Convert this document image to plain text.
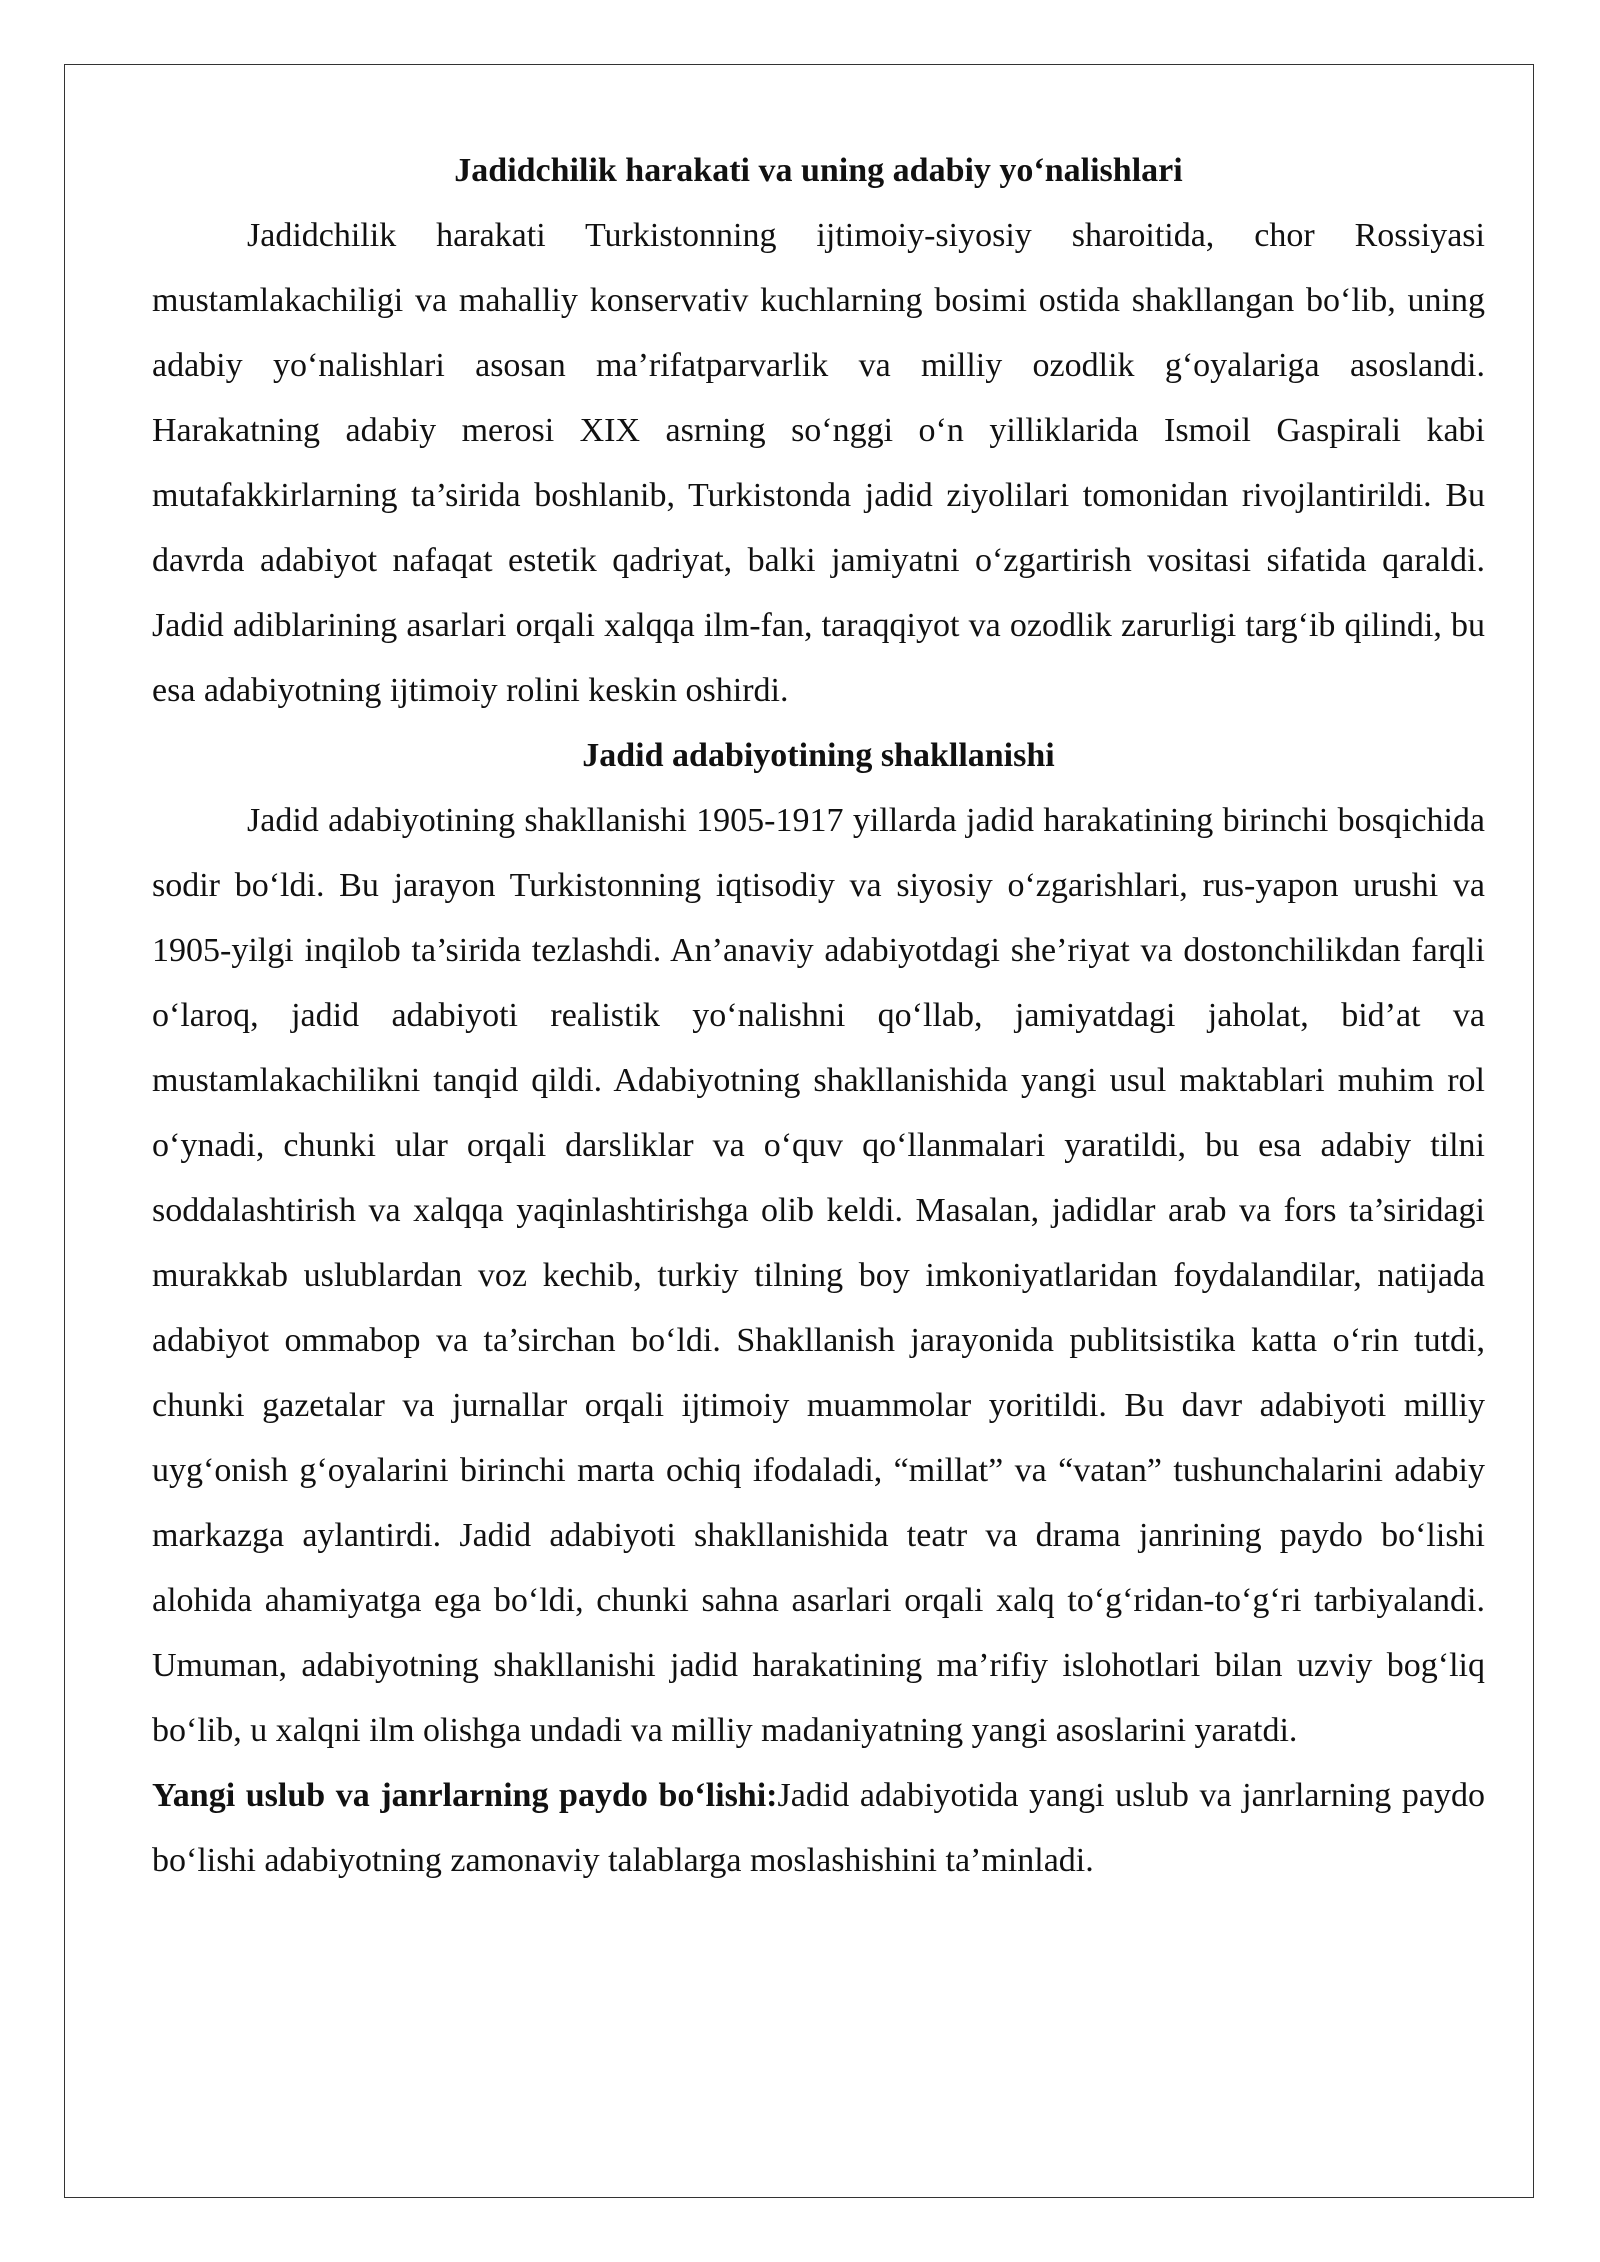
Jadidchilik harakati va uning adabiy yo‘nalishlari

Jadidchilik harakati Turkistonning ijtimoiy-siyosiy sharoitida, chor Rossiyasi mustamlakachiligi va mahalliy konservativ kuchlarning bosimi ostida shakllangan bo‘lib, uning adabiy yo‘nalishlari asosan ma’rifatparvarlik va milliy ozodlik g‘oyalariga asoslandi. Harakatning adabiy merosi XIX asrning so‘nggi o‘n yilliklarida Ismoil Gaspirali kabi mutafakkirlarning ta’sirida boshlanib, Turkistonda jadid ziyolilari tomonidan rivojlantirildi. Bu davrda adabiyot nafaqat estetik qadriyat, balki jamiyatni o‘zgartirish vositasi sifatida qaraldi. Jadid adiblarining asarlari orqali xalqqa ilm-fan, taraqqiyot va ozodlik zarurligi targ‘ib qilindi, bu esa adabiyotning ijtimoiy rolini keskin oshirdi.

Jadid adabiyotining shakllanishi

Jadid adabiyotining shakllanishi 1905-1917 yillarda jadid harakatining birinchi bosqichida sodir bo‘ldi. Bu jarayon Turkistonning iqtisodiy va siyosiy o‘zgarishlari, rus-yapon urushi va 1905-yilgi inqilob ta’sirida tezlashdi. An’anaviy adabiyotdagi she’riyat va dostonchilikdan farqli o‘laroq, jadid adabiyoti realistik yo‘nalishni qo‘llab, jamiyatdagi jaholat, bid’at va mustamlakachilikni tanqid qildi. Adabiyotning shakllanishida yangi usul maktablari muhim rol o‘ynadi, chunki ular orqali darsliklar va o‘quv qo‘llanmalari yaratildi, bu esa adabiy tilni soddalashtirish va xalqqa yaqinlashtirishga olib keldi. Masalan, jadidlar arab va fors ta’siridagi murakkab uslublardan voz kechib, turkiy tilning boy imkoniyatlaridan foydalandilar, natijada adabiyot ommabop va ta’sirchan bo‘ldi. Shakllanish jarayonida publitsistika katta o‘rin tutdi, chunki gazetalar va jurnallar orqali ijtimoiy muammolar yoritildi. Bu davr adabiyoti milliy uyg‘onish g‘oyalarini birinchi marta ochiq ifodaladi, “millat” va “vatan” tushunchalarini adabiy markazga aylantirdi. Jadid adabiyoti shakllanishida teatr va drama janrining paydo bo‘lishi alohida ahamiyatga ega bo‘ldi, chunki sahna asarlari orqali xalq to‘g‘ridan-to‘g‘ri tarbiyalandi. Umuman, adabiyotning shakllanishi jadid harakatining ma’rifiy islohotlari bilan uzviy bog‘liq bo‘lib, u xalqni ilm olishga undadi va milliy madaniyatning yangi asoslarini yaratdi.

Yangi uslub va janrlarning paydo bo‘lishi:Jadid adabiyotida yangi uslub va janrlarning paydo bo‘lishi adabiyotning zamonaviy talablarga moslashishini ta’minladi.
